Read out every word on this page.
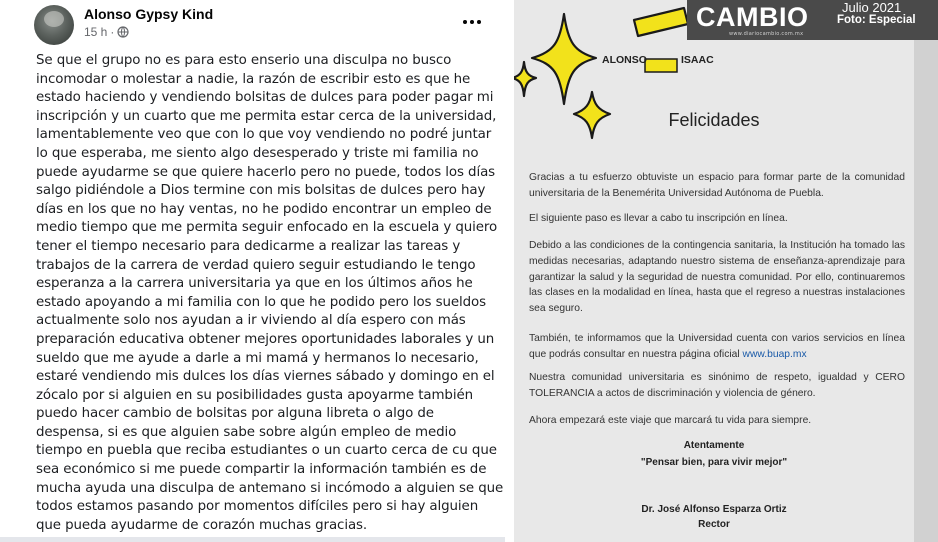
Alonso Gypsy Kind
15 h ·
Se que el grupo no es para esto enserio una disculpa no busco
incomodar o molestar a nadie, la razón de escribir esto es que he
estado haciendo y vendiendo bolsitas de dulces para poder pagar mi
inscripción y un cuarto que me permita estar cerca de la universidad,
lamentablemente veo que con lo que voy vendiendo no podré juntar
lo que esperaba, me siento algo desesperado y triste mi familia no
puede ayudarme se que quiere hacerlo pero no puede, todos los días
salgo pidiéndole a Dios termine con mis bolsitas de dulces pero hay
días en los que no hay ventas, no he podido encontrar un empleo de
medio tiempo que me permita seguir enfocado en la escuela y quiero
tener el tiempo necesario para dedicarme a realizar las tareas y
trabajos de la carrera de verdad quiero seguir estudiando le tengo
esperanza a la carrera universitaria ya que en los últimos años he
estado apoyando a mi familia con lo que he podido pero los sueldos
actualmente solo nos ayudan a ir viviendo al día espero con más
preparación educativa obtener mejores oportunidades laborales y un
sueldo que me ayude a darle a mi mamá y hermanos lo necesario,
estaré vendiendo mis dulces los días viernes sábado y domingo en el
zócalo por si alguien en su posibilidades gusta apoyarme también
puedo hacer cambio de bolsitas por alguna libreta o algo de
despensa, si es que alguien sabe sobre algún empleo de medio
tiempo en puebla que reciba estudiantes o un cuarto cerca de cu que
sea económico si me puede compartir la información también es de
mucha ayuda una disculpa de antemano si incómodo a alguien se que
todos estamos pasando por momentos difíciles pero si hay alguien
que pueda ayudarme de corazón muchas gracias.
ALONSO	ISAAC
Felicidades

Gracias a tu esfuerzo obtuviste un espacio para formar parte de la comunidad universitaria de la Benemérita Universidad Autónoma de Puebla.

El siguiente paso es llevar a cabo tu inscripción en línea.

Debido a las condiciones de la contingencia sanitaria, la Institución ha tomado las medidas necesarias, adaptando nuestro sistema de enseñanza-aprendizaje para garantizar la salud y la seguridad de nuestra comunidad. Por ello, continuaremos las clases en la modalidad en línea, hasta que el regreso a nuestras instalaciones sea seguro.

También, te informamos que la Universidad cuenta con varios servicios en línea que podrás consultar en nuestra página oficial www.buap.mx

Nuestra comunidad universitaria es sinónimo de respeto, igualdad y CERO TOLERANCIA a actos de discriminación y violencia de género.

Ahora empezará este viaje que marcará tu vida para siempre.

Atentamente
"Pensar bien, para vivir mejor"
Dr. José Alfonso Esparza Ortiz
Rector
CAMBIO
www.diariocambio.com.mx
Julio 2021
Foto: Especial
